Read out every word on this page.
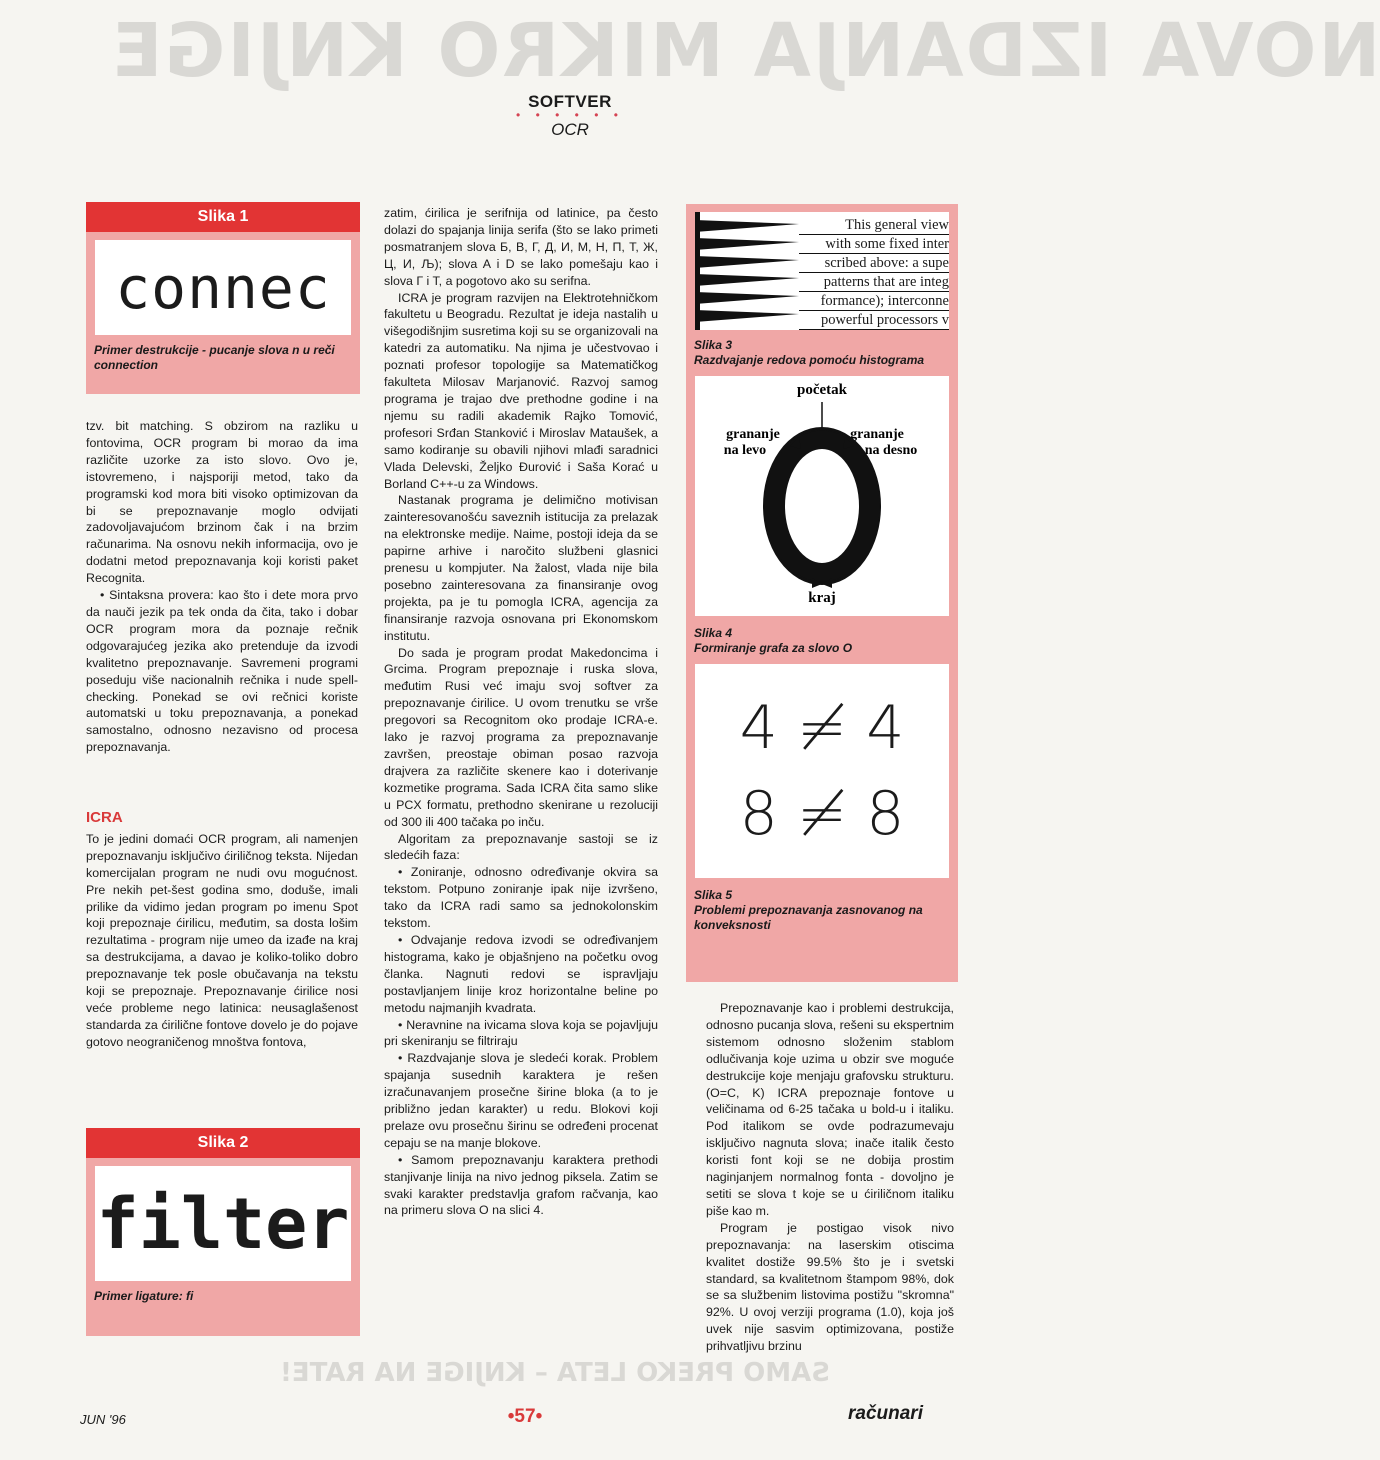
NOVA IZDANJA MIKRO KNJIGE
SAMO PREKO LETA – KNJIGE NA RATE!
SOFTVER
• • • • • •
OCR
Slika 1
connec
Primer destrukcije - pucanje slova n u reči connection

tzv. bit matching. S obzirom na razliku u fontovima, OCR program bi morao da ima različite uzorke za isto slovo. Ovo je, istovremeno, i najsporiji metod, tako da programski kod mora biti visoko optimizovan da bi se prepoznavanje moglo odvijati zadovoljavajućom brzinom čak i na brzim računarima. Na osnovu nekih informacija, ovo je dodatni metod prepoznavanja koji koristi paket Recognita.

• Sintaksna provera: kao što i dete mora prvo da nauči jezik pa tek onda da čita, tako i dobar OCR program mora da poznaje rečnik odgovarajućeg jezika ako pretenduje da izvodi kvalitetno prepoznavanje. Savremeni programi poseduju više nacionalnih rečnika i nude spell-checking. Ponekad se ovi rečnici koriste automatski u toku prepoznavanja, a ponekad samostalno, odnosno nezavisno od procesa prepoznavanja.

ICRA

To je jedini domaći OCR program, ali namenjen prepoznavanju isključivo ćiriličnog teksta. Nijedan komercijalan program ne nudi ovu mogućnost. Pre nekih pet-šest godina smo, doduše, imali prilike da vidimo jedan program po imenu Spot koji prepoznaje ćirilicu, međutim, sa dosta lošim rezultatima - program nije umeo da izađe na kraj sa destrukcijama, a davao je koliko-toliko dobro prepoznavanje tek posle obučavanja na tekstu koji se prepoznaje. Prepoznavanje ćirilice nosi veće probleme nego latinica: neusaglašenost standarda za ćirilične fontove dovelo je do pojave gotovo neograničenog mnoštva fontova,

Slika 2
filter
Primer ligature: fi

zatim, ćirilica je serifnija od latinice, pa često dolazi do spajanja linija serifa (što se lako primeti posmatranjem slova Б, В, Г, Д, И, М, Н, П, Т, Ж, Ц, И, Љ); slova A i D se lako pomešaju kao i slova Г i T, a pogotovo ako su serifna.

ICRA je program razvijen na Elektrotehničkom fakultetu u Beogradu. Rezultat je ideja nastalih u višegodišnjim susretima koji su se organizovali na katedri za automatiku. Na njima je učestvovao i poznati profesor topologije sa Matematičkog fakulteta Milosav Marjanović. Razvoj samog programa je trajao dve prethodne godine i na njemu su radili akademik Rajko Tomović, profesori Srđan Stanković i Miroslav Mataušek, a samo kodiranje su obavili njihovi mlađi saradnici Vlada Delevski, Željko Đurović i Saša Korać u Borland C++-u za Windows.

Nastanak programa je delimično motivisan zainteresovanošću saveznih istitucija za prelazak na elektronske medije. Naime, postoji ideja da se papirne arhive i naročito službeni glasnici prenesu u kompjuter. Na žalost, vlada nije bila posebno zainteresovana za finansiranje ovog projekta, pa je tu pomogla ICRA, agencija za finansiranje razvoja osnovana pri Ekonomskom institutu.

Do sada je program prodat Makedoncima i Grcima. Program prepoznaje i ruska slova, međutim Rusi već imaju svoj softver za prepoznavanje ćirilice. U ovom trenutku se vrše pregovori sa Recognitom oko prodaje ICRA-e. Iako je razvoj programa za prepoznavanje završen, preostaje obiman posao razvoja drajvera za različite skenere kao i doterivanje kozmetike programa. Sada ICRA čita samo slike u PCX formatu, prethodno skenirane u rezoluciji od 300 ili 400 tačaka po inču.

Algoritam za prepoznavanje sastoji se iz sledećih faza:

• Zoniranje, odnosno određivanje okvira sa tekstom. Potpuno zoniranje ipak nije izvršeno, tako da ICRA radi samo sa jednokolonskim tekstom.

• Odvajanje redova izvodi se određivanjem histograma, kako je objašnjeno na početku ovog članka. Nagnuti redovi se ispravljaju postavljanjem linije kroz horizontalne beline po metodu najmanjih kvadrata.

• Neravnine na ivicama slova koja se pojavljuju pri skeniranju se filtriraju

• Razdvajanje slova je sledeći korak. Problem spajanja susednih karaktera je rešen izračunavanjem prosečne širine bloka (a to je približno jedan karakter) u redu. Blokovi koji prelaze ovu prosečnu širinu se određeni procenat cepaju se na manje blokove.

• Samom prepoznavanju karaktera prethodi stanjivanje linija na nivo jednog piksela. Zatim se svaki karakter predstavlja grafom račvanja, kao na primeru slova O na slici 4.

This general view
with some fixed inter
scribed above: a supe
patterns that are integ
formance); interconne
powerful processors v
Slika 3
Razdvajanje redova pomoću histograma
početak
grananje
na levo
grananje
na desno
kraj
Slika 4
Formiranje grafa za slovo O
4 ≠ 4
8 ≠ 8
Slika 5
Problemi prepoznavanja zasnovanog na konveksnosti

Prepoznavanje kao i problemi destrukcija, odnosno pucanja slova, rešeni su ekspertnim sistemom odnosno složenim stablom odlučivanja koje uzima u obzir sve moguće destrukcije koje menjaju grafovsku strukturu. (O=C, K) ICRA prepoznaje fontove u veličinama od 6-25 tačaka u bold-u i italiku. Pod italikom se ovde podrazumevaju isključivo nagnuta slova; inače italik često koristi font koji se ne dobija prostim naginjanjem normalnog fonta - dovoljno je setiti se slova t koje se u ćiriličnom italiku piše kao m.

Program je postigao visok nivo prepoznavanja: na laserskim otiscima kvalitet dostiže 99.5% što je i svetski standard, sa kvalitetnom štampom 98%, dok se sa službenim listovima postižu "skromna" 92%. U ovoj verziji programa (1.0), koja još uvek nije sasvim optimizovana, postiže prihvatljivu brzinu

JUN '96	•57•	računari
